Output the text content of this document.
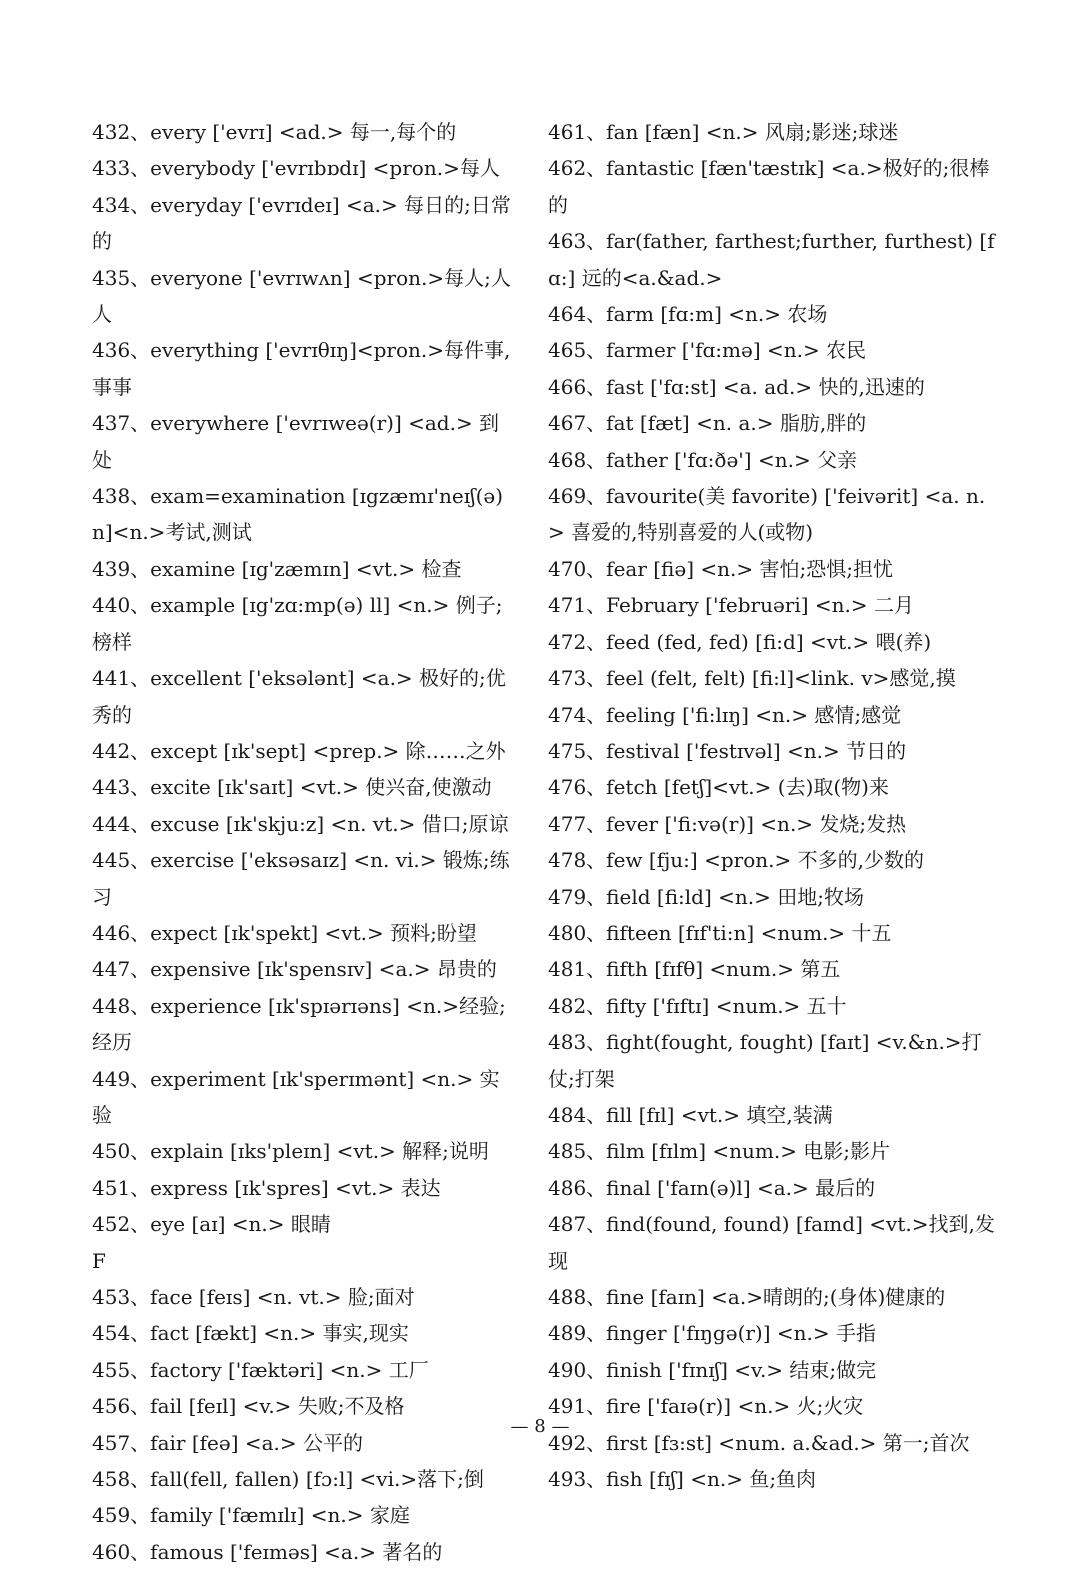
432、every ['evrɪ] <ad.> 每一,每个的
433、everybody ['evrɪbɒdɪ] <pron.>每人
434、everyday ['evrɪdeɪ] <a.> 每日的;日常的
435、everyone ['evrɪwʌn] <pron.>每人;人人
436、everything ['evrɪθɪŋ]<pron.>每件事,事事
437、everywhere ['evrɪweə(r)] <ad.> 到处
438、exam=examination [ɪgzæmɪ'neɪʃ(ə)n]<n.>考试,测试
439、examine [ɪg'zæmɪn] <vt.> 检查
440、example [ɪg'zɑ:mp(ə) ll] <n.> 例子;榜样
441、excellent ['eksələnt] <a.> 极好的;优秀的
442、except [ɪk'sept] <prep.> 除……之外
443、excite [ɪk'saɪt] <vt.> 使兴奋,使激动
444、excuse [ɪk'skju:z] <n. vt.> 借口;原谅
445、exercise ['eksəsaɪz] <n. vi.> 锻炼;练习
446、expect [ɪk'spekt] <vt.> 预料;盼望
447、expensive [ɪk'spensɪv] <a.> 昂贵的
448、experience [ɪk'spɪərɪəns] <n.>经验;经历
449、experiment [ɪk'sperɪmənt] <n.> 实验
450、explain [ɪks'pleɪn] <vt.> 解释;说明
451、express [ɪk'spres] <vt.> 表达
452、eye [aɪ] <n.> 眼睛
F
453、face [feɪs] <n. vt.> 脸;面对
454、fact [fækt] <n.> 事实,现实
455、factory ['fæktəri] <n.> 工厂
456、fail [feɪl] <v.> 失败;不及格
457、fair [feə] <a.> 公平的
458、fall(fell, fallen) [fɔ:l] <vi.>落下;倒
459、family ['fæmɪlɪ] <n.> 家庭
460、famous ['feɪməs] <a.> 著名的
461、fan [fæn] <n.> 风扇;影迷;球迷
462、fantastic [fæn'tæstɪk] <a.>极好的;很棒的
463、far(father, farthest;further, furthest) [fɑ:] 远的<a.&ad.>
464、farm [fɑ:m] <n.> 农场
465、farmer ['fɑ:mə] <n.> 农民
466、fast ['fɑ:st] <a. ad.> 快的,迅速的
467、fat [fæt] <n. a.> 脂肪,胖的
468、father ['fɑ:ðə'] <n.> 父亲
469、favourite(美 favorite) ['feivərit] <a. n.> 喜爱的,特别喜爱的人(或物)
470、fear [fiə] <n.> 害怕;恐惧;担忧
471、February ['februəri] <n.> 二月
472、feed (fed, fed) [fi:d] <vt.> 喂(养)
473、feel (felt, felt) [fi:l]<link. v>感觉,摸
474、feeling ['fi:lɪŋ] <n.> 感情;感觉
475、festival ['festɪvəl] <n.> 节日的
476、fetch [fetʃ]<vt.> (去)取(物)来
477、fever ['fi:və(r)] <n.> 发烧;发热
478、few [fju:] <pron.> 不多的,少数的
479、field [fi:ld] <n.> 田地;牧场
480、fifteen [fɪf'ti:n] <num.> 十五
481、fifth [fɪfθ] <num.> 第五
482、fifty ['fɪftɪ] <num.> 五十
483、fight(fought, fought) [faɪt] <v.&n.>打仗;打架
484、fill [fɪl] <vt.> 填空,装满
485、film [fɪlm] <num.> 电影;影片
486、final ['faɪn(ə)l] <a.> 最后的
487、find(found, found) [faɪnd] <vt.>找到,发现
488、fine [faɪn] <a.>晴朗的;(身体)健康的
489、finger ['fɪŋgə(r)] <n.> 手指
490、finish ['fɪnɪʃ] <v.> 结束;做完
491、fire ['faɪə(r)] <n.> 火;火灾
492、first [fɜ:st] <num. a.&ad.> 第一;首次
493、fish [fɪʃ] <n.> 鱼;鱼肉
— 8 —
